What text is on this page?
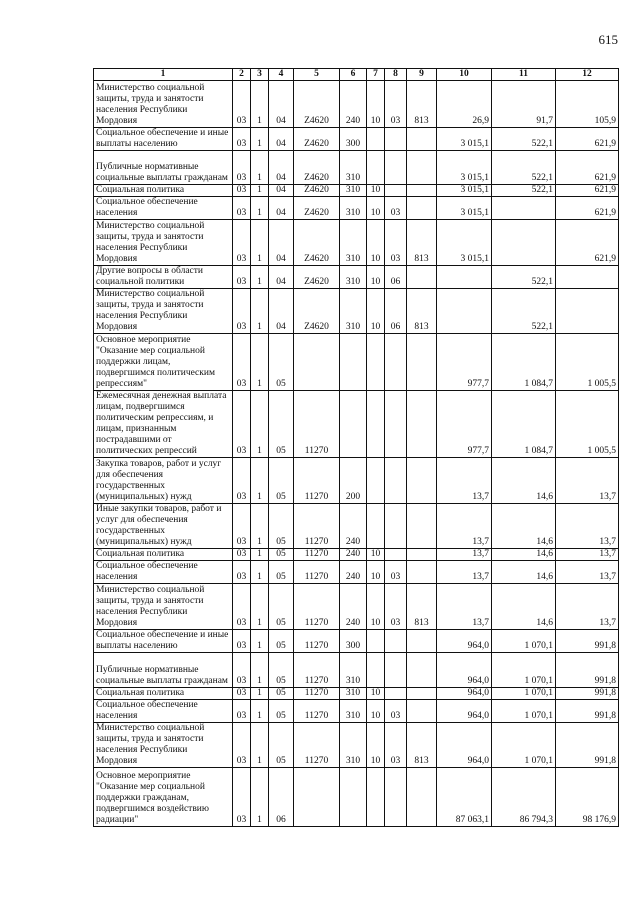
615
1	2	3	4	5	6	7	8	9	10	11	12
Министерство социальной защиты, труда и занятости населения Республики Мордовия	03	1	04	Z4620	240	10	03	813	26,9	91,7	105,9
Социальное обеспечение и иные выплаты населению	03	1	04	Z4620	300				3 015,1	522,1	621,9
Публичные нормативные социальные выплаты гражданам	03	1	04	Z4620	310				3 015,1	522,1	621,9
Социальная политика	03	1	04	Z4620	310	10			3 015,1	522,1	621,9
Социальное обеспечение населения	03	1	04	Z4620	310	10	03		3 015,1		621,9
Министерство социальной защиты, труда и занятости населения Республики Мордовия	03	1	04	Z4620	310	10	03	813	3 015,1		621,9
Другие вопросы в области социальной политики	03	1	04	Z4620	310	10	06			522,1	
Министерство социальной защиты, труда и занятости населения Республики Мордовия	03	1	04	Z4620	310	10	06	813		522,1	
Основное мероприятие "Оказание мер социальной поддержки лицам, подвергшимся политическим репрессиям"	03	1	05						977,7	1 084,7	1 005,5
Ежемесячная денежная выплата лицам, подвергшимся политическим репрессиям, и лицам, признанным пострадавшими от политических репрессий	03	1	05	11270					977,7	1 084,7	1 005,5
Закупка товаров, работ и услуг для обеспечения государственных (муниципальных) нужд	03	1	05	11270	200				13,7	14,6	13,7
Иные закупки товаров, работ и услуг для обеспечения государственных (муниципальных) нужд	03	1	05	11270	240				13,7	14,6	13,7
Социальная политика	03	1	05	11270	240	10			13,7	14,6	13,7
Социальное обеспечение населения	03	1	05	11270	240	10	03		13,7	14,6	13,7
Министерство социальной защиты, труда и занятости населения Республики Мордовия	03	1	05	11270	240	10	03	813	13,7	14,6	13,7
Социальное обеспечение и иные выплаты населению	03	1	05	11270	300				964,0	1 070,1	991,8
Публичные нормативные социальные выплаты гражданам	03	1	05	11270	310				964,0	1 070,1	991,8
Социальная политика	03	1	05	11270	310	10			964,0	1 070,1	991,8
Социальное обеспечение населения	03	1	05	11270	310	10	03		964,0	1 070,1	991,8
Министерство социальной защиты, труда и занятости населения Республики Мордовия	03	1	05	11270	310	10	03	813	964,0	1 070,1	991,8
Основное мероприятие "Оказание мер социальной поддержки гражданам, подвергшимся воздействию радиации"	03	1	06						87 063,1	86 794,3	98 176,9
